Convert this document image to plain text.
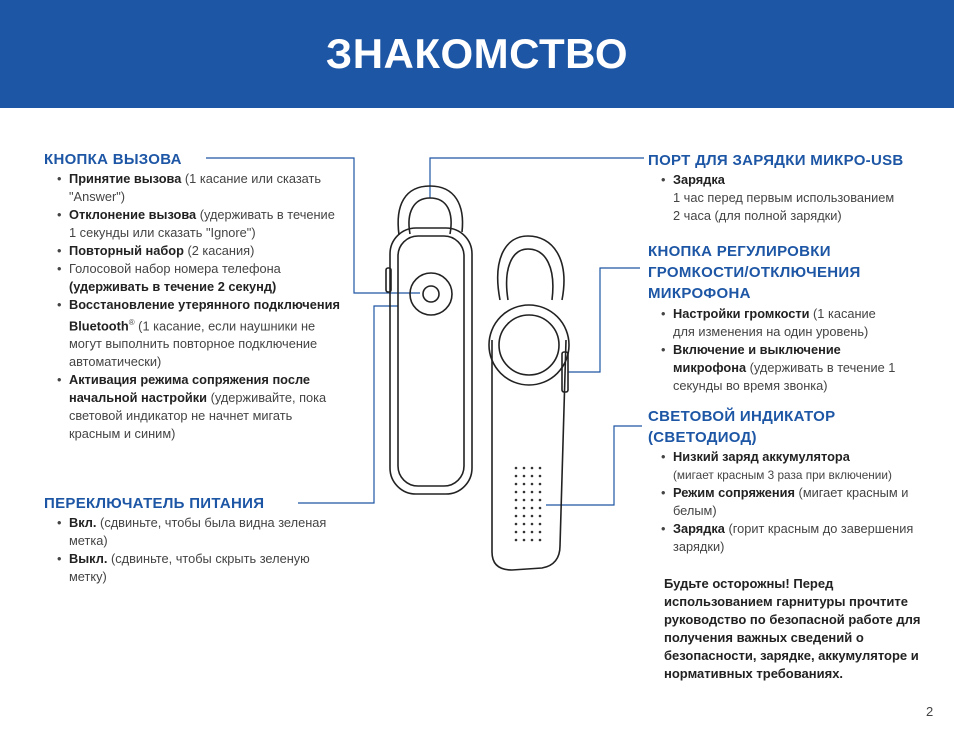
ЗНАКОМСТВО
КНОПКА ВЫЗОВА
• Принятие вызова (1 касание или сказать "Answer")
• Отклонение вызова (удерживать в течение 1 секунды или сказать "Ignore")
• Повторный набор (2 касания)
• Голосовой набор номера телефона (удерживать в течение 2 секунд)
• Восстановление утерянного подключения Bluetooth® (1 касание, если наушники не могут выполнить повторное подключение автоматически)
• Активация режима сопряжения после начальной настройки (удерживайте, пока световой индикатор не начнет мигать красным и синим)
ПЕРЕКЛЮЧАТЕЛЬ ПИТАНИЯ
• Вкл. (сдвиньте, чтобы была видна зеленая метка)
• Выкл. (сдвиньте, чтобы скрыть зеленую метку)
ПОРТ ДЛЯ ЗАРЯДКИ МИКРО-USB
• Зарядка
1 час перед первым использованием
2 часа (для полной зарядки)
КНОПКА РЕГУЛИРОВКИ ГРОМКОСТИ/ОТКЛЮЧЕНИЯ МИКРОФОНА
• Настройки громкости (1 касание для изменения на один уровень)
• Включение и выключение микрофона (удерживать в течение 1 секунды во время звонка)
СВЕТОВОЙ ИНДИКАТОР (СВЕТОДИОД)
• Низкий заряд аккумулятора
(мигает красным 3 раза при включении)
• Режим сопряжения (мигает красным и белым)
• Зарядка (горит красным до завершения зарядки)
Будьте осторожны! Перед использованием гарнитуры прочтите руководство по безопасной работе для получения важных сведений о безопасности, зарядке, аккумуляторе и нормативных требованиях.
2
